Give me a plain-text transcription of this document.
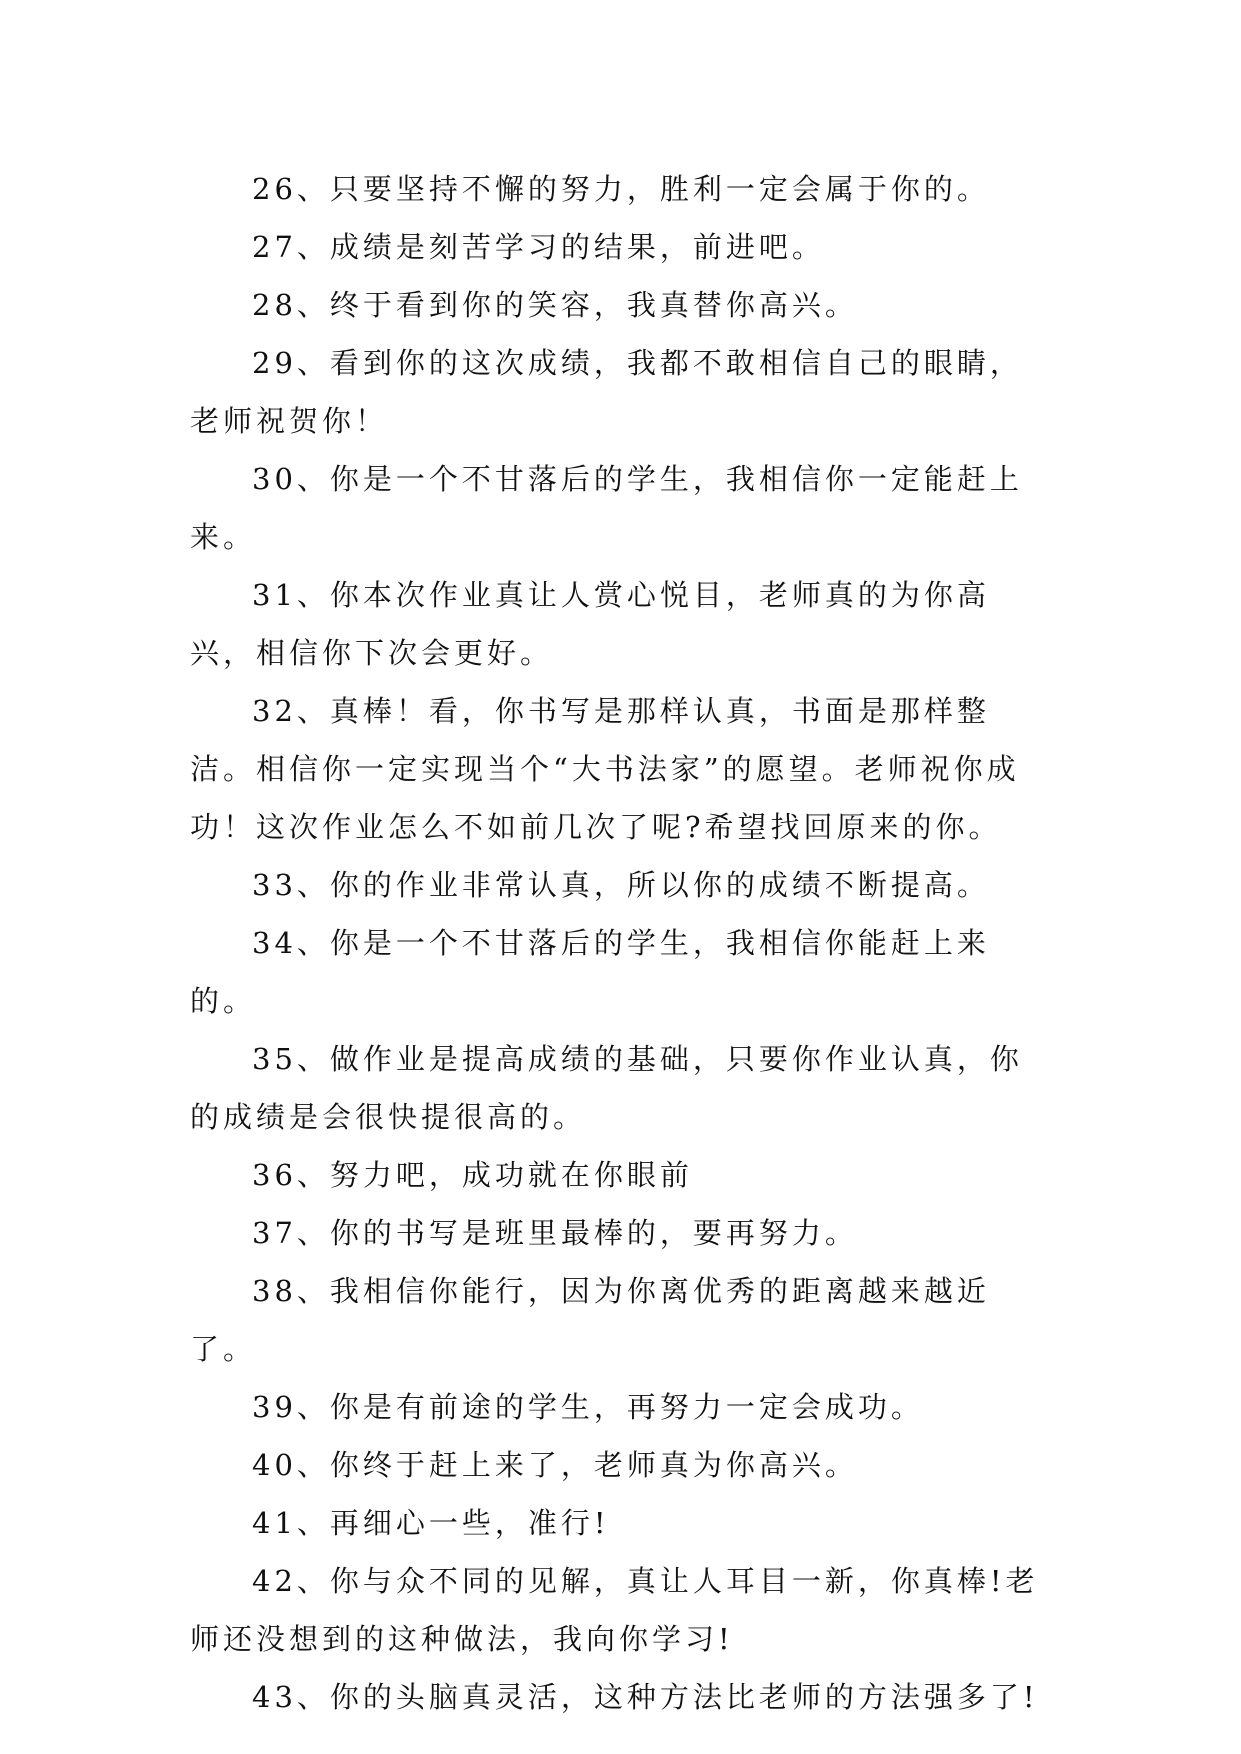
26、只要坚持不懈的努力，胜利一定会属于你的。

27、成绩是刻苦学习的结果，前进吧。

28、终于看到你的笑容，我真替你高兴。

29、看到你的这次成绩，我都不敢相信自己的眼睛，老师祝贺你！

30、你是一个不甘落后的学生，我相信你一定能赶上来。

31、你本次作业真让人赏心悦目，老师真的为你高兴，相信你下次会更好。

32、真棒！看，你书写是那样认真，书面是那样整洁。相信你一定实现当个“大书法家”的愿望。老师祝你成功！这次作业怎么不如前几次了呢?希望找回原来的你。

33、你的作业非常认真，所以你的成绩不断提高。

34、你是一个不甘落后的学生，我相信你能赶上来的。

35、做作业是提高成绩的基础，只要你作业认真，你的成绩是会很快提很高的。

36、努力吧，成功就在你眼前

37、你的书写是班里最棒的，要再努力。

38、我相信你能行，因为你离优秀的距离越来越近了。

39、你是有前途的学生，再努力一定会成功。

40、你终于赶上来了，老师真为你高兴。

41、再细心一些，准行!

42、你与众不同的见解，真让人耳目一新，你真棒!老师还没想到的这种做法，我向你学习!

43、你的头脑真灵活，这种方法比老师的方法强多了!
